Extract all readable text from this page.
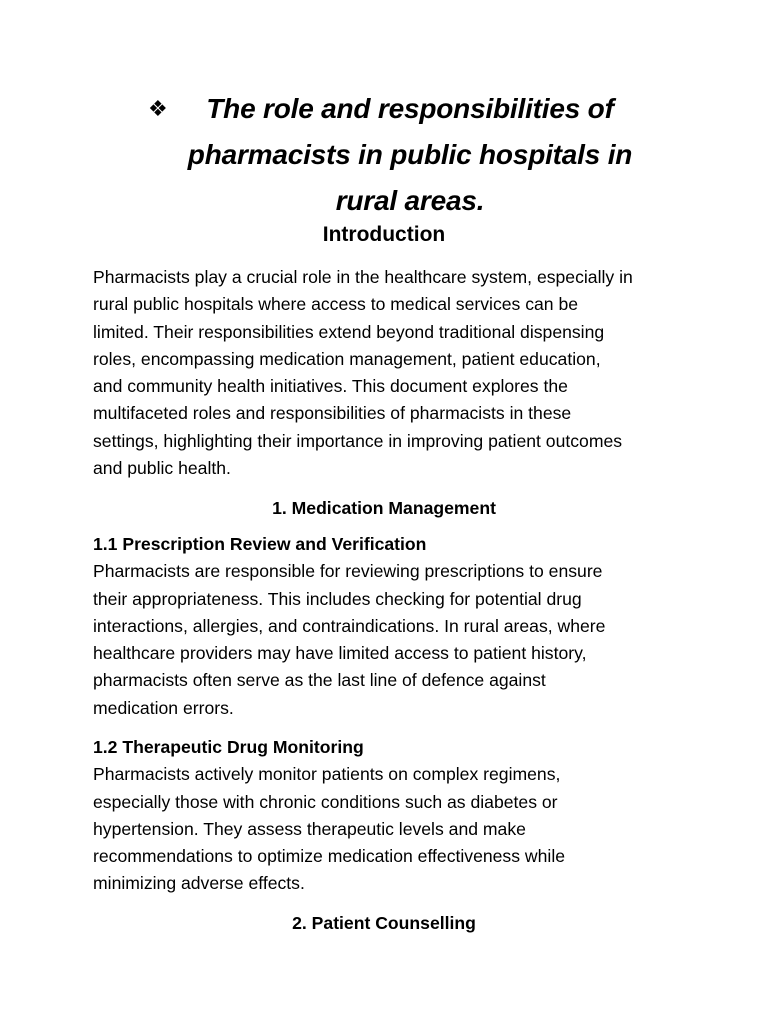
❖	The role and responsibilities of
pharmacists in public hospitals in
rural areas.
Introduction
Pharmacists play a crucial role in the healthcare system, especially in
rural public hospitals where access to medical services can be
limited. Their responsibilities extend beyond traditional dispensing
roles, encompassing medication management, patient education,
and community health initiatives. This document explores the
multifaceted roles and responsibilities of pharmacists in these
settings, highlighting their importance in improving patient outcomes
and public health.
1. Medication Management
1.1 Prescription Review and Verification
Pharmacists are responsible for reviewing prescriptions to ensure
their appropriateness. This includes checking for potential drug
interactions, allergies, and contraindications. In rural areas, where
healthcare providers may have limited access to patient history,
pharmacists often serve as the last line of defence against
medication errors.
1.2 Therapeutic Drug Monitoring
Pharmacists actively monitor patients on complex regimens,
especially those with chronic conditions such as diabetes or
hypertension. They assess therapeutic levels and make
recommendations to optimize medication effectiveness while
minimizing adverse effects.
2. Patient Counselling
